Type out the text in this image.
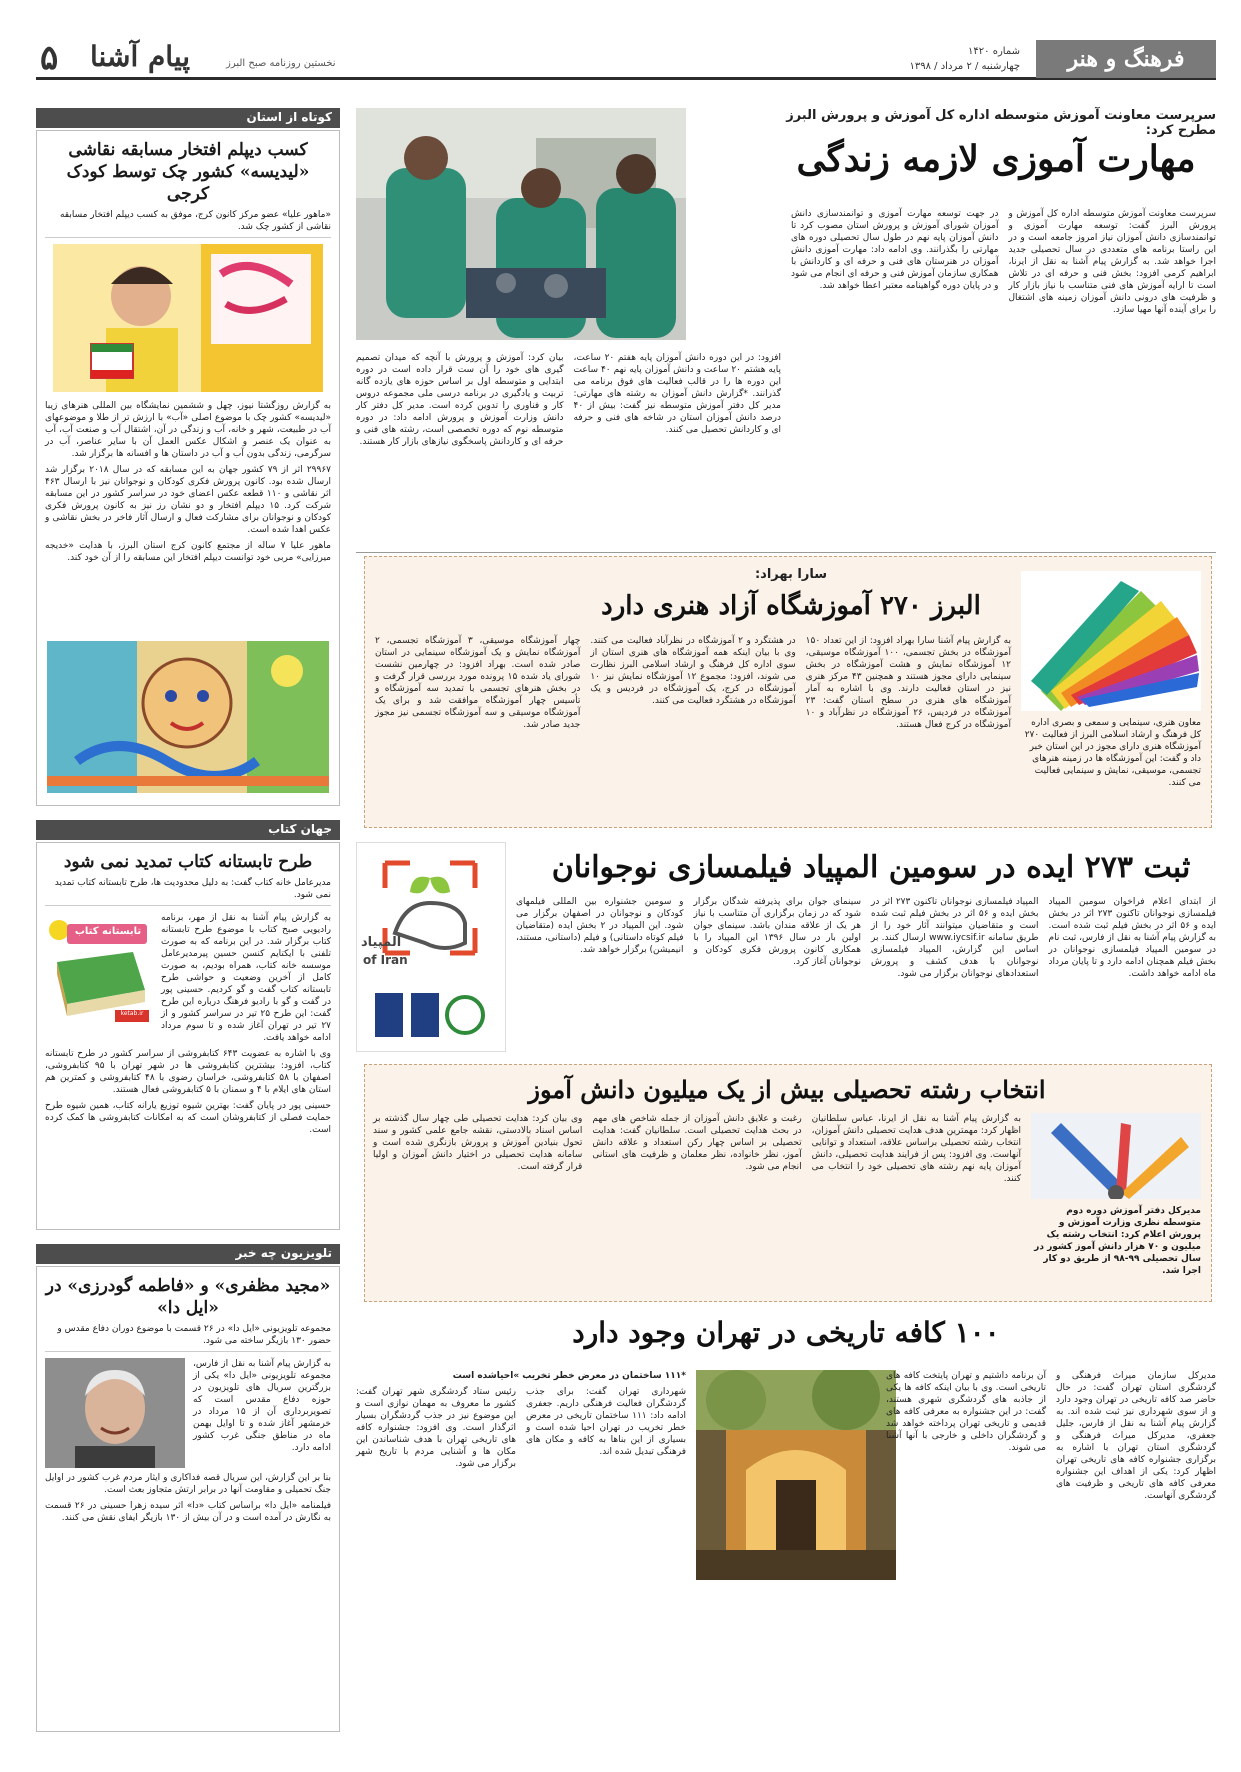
فرهنگ و هنر
شماره ۱۴۲۰
چهارشنبه / ۲ مرداد / ۱۳۹۸
۵ پیام آشنا	نخستین روزنامه صبح البرز
کوتاه از استان
کسب دیپلم افتخار مسابقه نقاشی «لیدیسه» کشور چک توسط کودک کرجی
«ماهور علیا» عضو مرکز کانون کرج، موفق به کسب دیپلم افتخار مسابقه نقاشی از کشور چک شد.

به گزارش روزگشتا نیوز، چهل و ششمین نمایشگاه بین المللی هنرهای زیبا «لیدیسه» کشور چک با موضوع اصلی «آب» با ارزش تر از طلا و موضوعهای آب در طبیعت، شهر و خانه، آب و زندگی در آن، اشتقال آب و صنعت آب، آب به عنوان یک عنصر و اشکال عکس العمل آن با سایر عناصر، آب در سرگرمی، زندگی بدون آب و آب در داستان ها و افسانه ها برگزار شد.

۲۹۹۶۷ اثر از ۷۹ کشور جهان به این مسابقه که در سال ۲۰۱۸ برگزار شد ارسال شده بود. کانون پرورش فکری کودکان و نوجوانان نیز با ارسال ۴۶۳ اثر نقاشی و ۱۱۰ قطعه عکس اعضای خود در سراسر کشور در این مسابقه شرکت کرد. ۱۵ دیپلم افتخار و دو نشان رز نیز به کانون پرورش فکری کودکان و نوجوانان برای مشارکت فعال و ارسال آثار فاخر در بخش نقاشی و عکس اهدا شده است.

ماهور علیا ۷ ساله از مجتمع کانون کرج استان البرز، با هدایت «خدیجه میرزایی» مربی خود توانست دیپلم افتخار این مسابقه را از آن خود کند.

جهان کتاب
طرح تابستانه کتاب تمدید نمی شود
مدیرعامل خانه کتاب گفت: به دلیل محدودیت ها، طرح تابستانه کتاب تمدید نمی شود.

به گزارش پیام آشنا به نقل از مهر، برنامه رادیویی صبح کتاب با موضوع طرح تابستانه کتاب برگزار شد. در این برنامه که به صورت تلفنی با ایکتایم کنسن حسین پیرمدیرعامل موسسه خانه کتاب، همراه بودیم، به صورت کامل از آخرین وضعیت و حواشی طرح تابستانه کتاب گفت و گو کردیم. حسینی پور در گفت و گو با رادیو فرهنگ درباره این طرح گفت: این طرح ۲۵ تیر در سراسر کشور و از ۲۷ تیر در تهران آغاز شده و تا سوم مرداد ادامه خواهد یافت.

تابستانه کتاب
ketab.ir

وی با اشاره به عضویت ۶۴۳ کتابفروشی از سراسر کشور در طرح تابستانه کتاب، افزود: بیشترین کتابفروشی ها در شهر تهران با ۹۵ کتابفروشی، اصفهان با ۵۸ کتابفروشی، خراسان رضوی با ۴۸ کتابفروشی و کمترین هم استان های ایلام با ۴ و سمنان با ۵ کتابفروشی فعال هستند.

حسینی پور در پایان گفت: بهترین شیوه توزیع یارانه کتاب، همین شیوه طرح حمایت فصلی از کتابفروشان است که به امکانات کتابفروشی ها کمک کرده است.

تلویزیون چه خبر
«مجید مظفری» و «فاطمه گودرزی» در «ایل دا»
مجموعه تلویزیونی «ایل دا» در ۲۶ قسمت با موضوع دوران دفاع مقدس و حضور ۱۳۰ بازیگر ساخته می شود.

به گزارش پیام آشنا به نقل از فارس، مجموعه تلویزیونی «ایل دا» یکی از بزرگترین سریال های تلویزیون در حوزه دفاع مقدس است که تصویربرداری آن از ۱۵ مرداد در خرمشهر آغاز شده و تا اوایل بهمن ماه در مناطق جنگی غرب کشور ادامه دارد.

بنا بر این گزارش، این سریال قصه فداکاری و ایثار مردم غرب کشور در اوایل جنگ تحمیلی و مقاومت آنها در برابر ارتش متجاوز بعث است.

فیلمنامه «ایل دا» براساس کتاب «دا» اثر سیده زهرا حسینی در ۲۶ قسمت به نگارش در آمده است و در آن بیش از ۱۳۰ بازیگر ایفای نقش می کنند.

سرپرست معاونت آموزش متوسطه اداره کل آموزش و پرورش البرز مطرح کرد:
مهارت آموزی لازمه زندگی

سرپرست معاونت آموزش متوسطه اداره کل آموزش و پرورش البرز گفت: توسعه مهارت آموزی و توانمندسازی دانش آموزان نیاز امروز جامعه است و در این راستا برنامه های متعددی در سال تحصیلی جدید اجرا خواهد شد. به گزارش پیام آشنا به نقل از ایرنا، ابراهیم کرمی افزود: بخش فنی و حرفه ای در تلاش است تا ارایه آموزش های فنی متناسب با نیاز بازار کار و ظرفیت های درونی دانش آموزان زمینه های اشتغال را برای آینده آنها مهیا سازد.

در جهت توسعه مهارت آموزی و توانمندسازی دانش آموزان شورای آموزش و پرورش استان مصوب کرد تا دانش آموزان پایه نهم در طول سال تحصیلی دوره های مهارتی را بگذرانند. وی ادامه داد: مهارت آموزی دانش آموزان در هنرستان های فنی و حرفه ای و کاردانش با همکاری سازمان آموزش فنی و حرفه ای انجام می شود و در پایان دوره گواهینامه معتبر اعطا خواهد شد.

افزود: در این دوره دانش آموزان پایه هفتم ۲۰ ساعت، پایه هشتم ۲۰ ساعت و دانش آموزان پایه نهم ۴۰ ساعت این دوره ها را در قالب فعالیت های فوق برنامه می گذرانند. *گزارش دانش آموزان به رشته های مهارتی: مدیر کل دفتر آموزش متوسطه نیز گفت: بیش از ۴۰ درصد دانش آموزان استان در شاخه های فنی و حرفه ای و کاردانش تحصیل می کنند.

بیان کرد: آموزش و پرورش با آنچه که میدان تصمیم گیری های خود را آن ست قرار داده است در دوره ابتدایی و متوسطه اول بر اساس حوزه های یازده گانه تربیت و یادگیری در برنامه درسی ملی مجموعه دروس کار و فناوری را تدوین کرده است. مدیر کل دفتر کار دانش وزارت آموزش و پرورش ادامه داد: در دوره متوسطه نوم که دوره تخصصی است، رشته های فنی و حرفه ای و کاردانش پاسخگوی نیازهای بازار کار هستند.

سارا بهراد:
البرز ۲۷۰ آموزشگاه آزاد هنری دارد
معاون هنری، سینمایی و سمعی و بصری اداره کل فرهنگ و ارشاد اسلامی البرز از فعالیت ۲۷۰ آموزشگاه هنری دارای مجوز در این استان خبر داد و گفت: این آموزشگاه ها در زمینه هنرهای تجسمی، موسیقی، نمایش و سینمایی فعالیت می کنند.

به گزارش پیام آشنا سارا بهراد افزود: از این تعداد ۱۵۰ آموزشگاه در بخش تجسمی، ۱۰۰ آموزشگاه موسیقی، ۱۲ آموزشگاه نمایش و هشت آموزشگاه در بخش سینمایی دارای مجوز هستند و همچنین ۴۳ مرکز هنری نیز در استان فعالیت دارند. وی با اشاره به آمار آموزشگاه های هنری در سطح استان گفت: ۲۳ آموزشگاه در فردیس، ۲۶ آموزشگاه در نظرآباد و ۱۰ آموزشگاه در کرج فعال هستند.

در هشتگرد و ۲ آموزشگاه در نظرآباد فعالیت می کنند. وی با بیان اینکه همه آموزشگاه های هنری استان از سوی اداره کل فرهنگ و ارشاد اسلامی البرز نظارت می شوند، افزود: مجموع ۱۲ آموزشگاه نمایش نیز ۱۰ آموزشگاه در کرج، یک آموزشگاه در فردیس و یک آموزشگاه در هشتگرد فعالیت می کنند.

چهار آموزشگاه موسیقی، ۳ آموزشگاه تجسمی، ۲ آموزشگاه نمایش و یک آموزشگاه سینمایی در استان صادر شده است. بهراد افزود: در چهارمین نشست شورای یاد شده ۱۵ پرونده مورد بررسی قرار گرفت و در بخش هنرهای تجسمی با تمدید سه آموزشگاه و تأسیس چهار آموزشگاه موافقت شد و برای یک آموزشگاه موسیقی و سه آموزشگاه تجسمی نیز مجوز جدید صادر شد.

ثبت ۲۷۳ ایده در سومین المپیاد فیلمسازی نوجوانان
المپیاد
of Iran

از ابتدای اعلام فراخوان سومین المپیاد فیلمسازی نوجوانان تاکنون ۲۷۳ اثر در بخش ایده و ۵۶ اثر در بخش فیلم ثبت شده است. به گزارش پیام آشنا به نقل از فارس، ثبت نام در سومین المپیاد فیلمسازی نوجوانان در بخش فیلم همچنان ادامه دارد و تا پایان مرداد ماه ادامه خواهد داشت.

المپیاد فیلمسازی نوجوانان تاکنون ۲۷۳ اثر در بخش ایده و ۵۶ اثر در بخش فیلم ثبت شده است و متقاضیان میتوانند آثار خود را از طریق سامانه www.iycsif.ir ارسال کنند. بر اساس این گزارش، المپیاد فیلمسازی نوجوانان با هدف کشف و پرورش استعدادهای نوجوانان برگزار می شود.

سینمای جوان برای پذیرفته شدگان برگزار شود که در زمان برگزاری آن متناسب با نیاز هر یک از علاقه مندان باشد. سینمای جوان اولین بار در سال ۱۳۹۶ این المپیاد را با همکاری کانون پرورش فکری کودکان و نوجوانان آغاز کرد.

و سومین جشنواره بین المللی فیلمهای کودکان و نوجوانان در اصفهان برگزار می شود. این المپیاد در ۲ بخش ایده (متقاضیان فیلم کوتاه داستانی) و فیلم (داستانی، مستند، انیمیشن) برگزار خواهد شد.

انتخاب رشته تحصیلی بیش از یک میلیون دانش آموز
مدیرکل دفتر آموزش دوره دوم متوسطه نظری وزارت آموزش و پرورش اعلام کرد: انتخاب رشته یک میلیون و ۷۰ هزار دانش آموز کشور در سال تحصیلی ۹۹-۹۸ از طریق دو کار اجرا شد.

به گزارش پیام آشنا به نقل از ایرنا، عباس سلطانیان اظهار کرد: مهمترین هدف هدایت تحصیلی دانش آموزان، انتخاب رشته تحصیلی براساس علاقه، استعداد و توانایی آنهاست. وی افزود: پس از فرایند هدایت تحصیلی، دانش آموزان پایه نهم رشته های تحصیلی خود را انتخاب می کنند.

رغبت و علایق دانش آموزان از جمله شاخص های مهم در بحث هدایت تحصیلی است. سلطانیان گفت: هدایت تحصیلی بر اساس چهار رکن استعداد و علاقه دانش آموز، نظر خانواده، نظر معلمان و ظرفیت های استانی انجام می شود.

وی بیان کرد: هدایت تحصیلی طی چهار سال گذشته بر اساس اسناد بالادستی، نقشه جامع علمی کشور و سند تحول بنیادین آموزش و پرورش بازنگری شده است و سامانه هدایت تحصیلی در اختیار دانش آموزان و اولیا قرار گرفته است.

۱۰۰ کافه تاریخی در تهران وجود دارد

مدیرکل سازمان میراث فرهنگی و گردشگری استان تهران گفت: در حال حاضر صد کافه تاریخی در تهران وجود دارد و از سوی شهرداری نیز ثبت شده اند. به گزارش پیام آشنا به نقل از فارس، جلیل جعفری، مدیرکل میراث فرهنگی و گردشگری استان تهران با اشاره به برگزاری جشنواره کافه های تاریخی تهران اظهار کرد: یکی از اهداف این جشنواره معرفی کافه های تاریخی و ظرفیت های گردشگری آنهاست.

آن برنامه داشتیم و تهران پایتخت کافه های تاریخی است. وی با بیان اینکه کافه ها یکی از جاذبه های گردشگری شهری هستند، گفت: در این جشنواره به معرفی کافه های قدیمی و تاریخی تهران پرداخته خواهد شد و گردشگران داخلی و خارجی با آنها آشنا می شوند.

*۱۱۱ ساختمان در معرض خطر تخریب »احیاشده است

شهرداری تهران گفت: برای جذب گردشگران فعالیت فرهنگی داریم. جعفری ادامه داد: ۱۱۱ ساختمان تاریخی در معرض خطر تخریب در تهران احیا شده است و بسیاری از این بناها به کافه و مکان های فرهنگی تبدیل شده اند.

رئیس ستاد گردشگری شهر تهران گفت: کشور ما معروف به مهمان نوازی است و این موضوع نیز در جذب گردشگران بسیار اثرگذار است. وی افزود: جشنواره کافه های تاریخی تهران با هدف شناساندن این مکان ها و آشنایی مردم با تاریخ شهر برگزار می شود.
